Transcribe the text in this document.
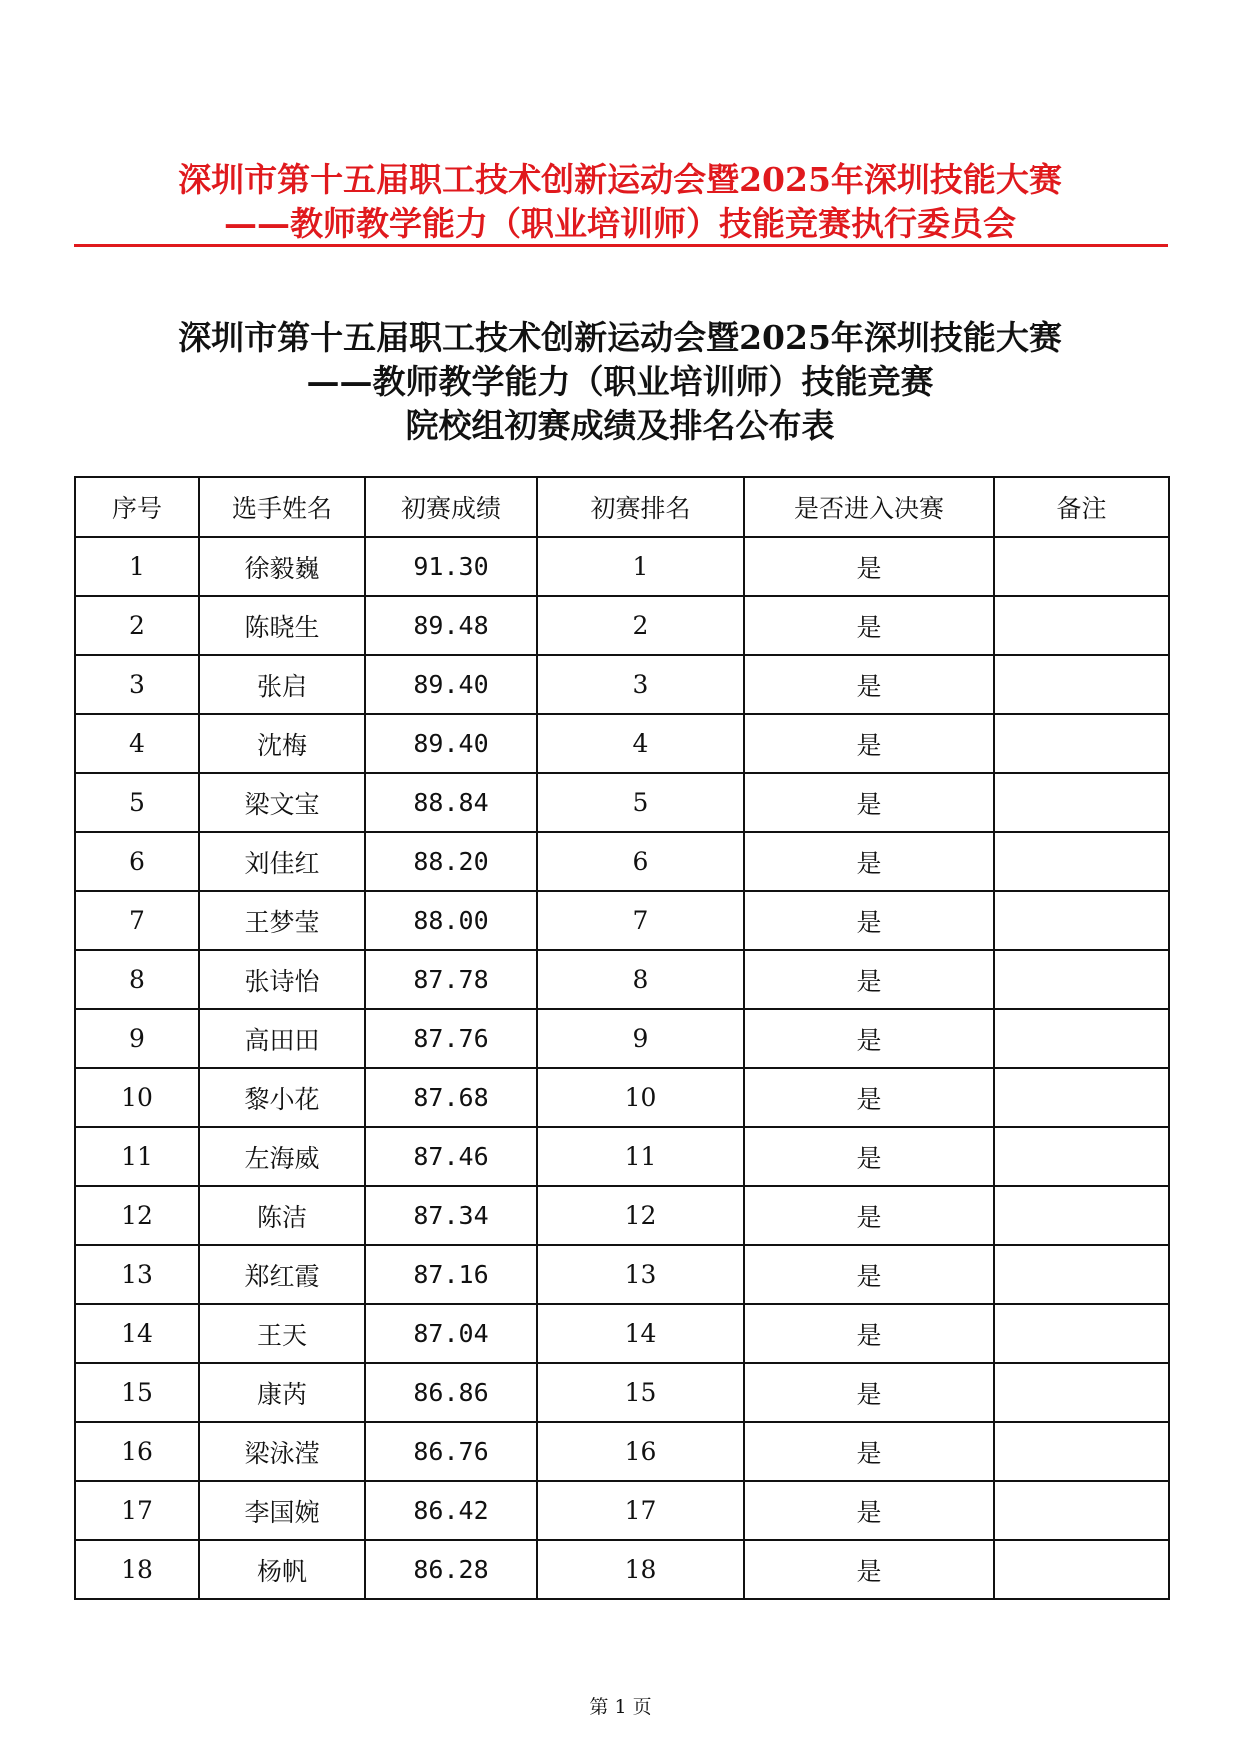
深圳市第十五届职工技术创新运动会暨2025年深圳技能大赛
——教师教学能力（职业培训师）技能竞赛执行委员会
深圳市第十五届职工技术创新运动会暨2025年深圳技能大赛
——教师教学能力（职业培训师）技能竞赛
院校组初赛成绩及排名公布表
序号	选手姓名	初赛成绩	初赛排名	是否进入决赛	备注
1	徐毅巍	91.30	1	是	
2	陈晓生	89.48	2	是	
3	张启	89.40	3	是	
4	沈梅	89.40	4	是	
5	梁文宝	88.84	5	是	
6	刘佳红	88.20	6	是	
7	王梦莹	88.00	7	是	
8	张诗怡	87.78	8	是	
9	高田田	87.76	9	是	
10	黎小花	87.68	10	是	
11	左海威	87.46	11	是	
12	陈洁	87.34	12	是	
13	郑红霞	87.16	13	是	
14	王天	87.04	14	是	
15	康芮	86.86	15	是	
16	梁泳滢	86.76	16	是	
17	李国婉	86.42	17	是	
18	杨帆	86.28	18	是	
第 1 页
